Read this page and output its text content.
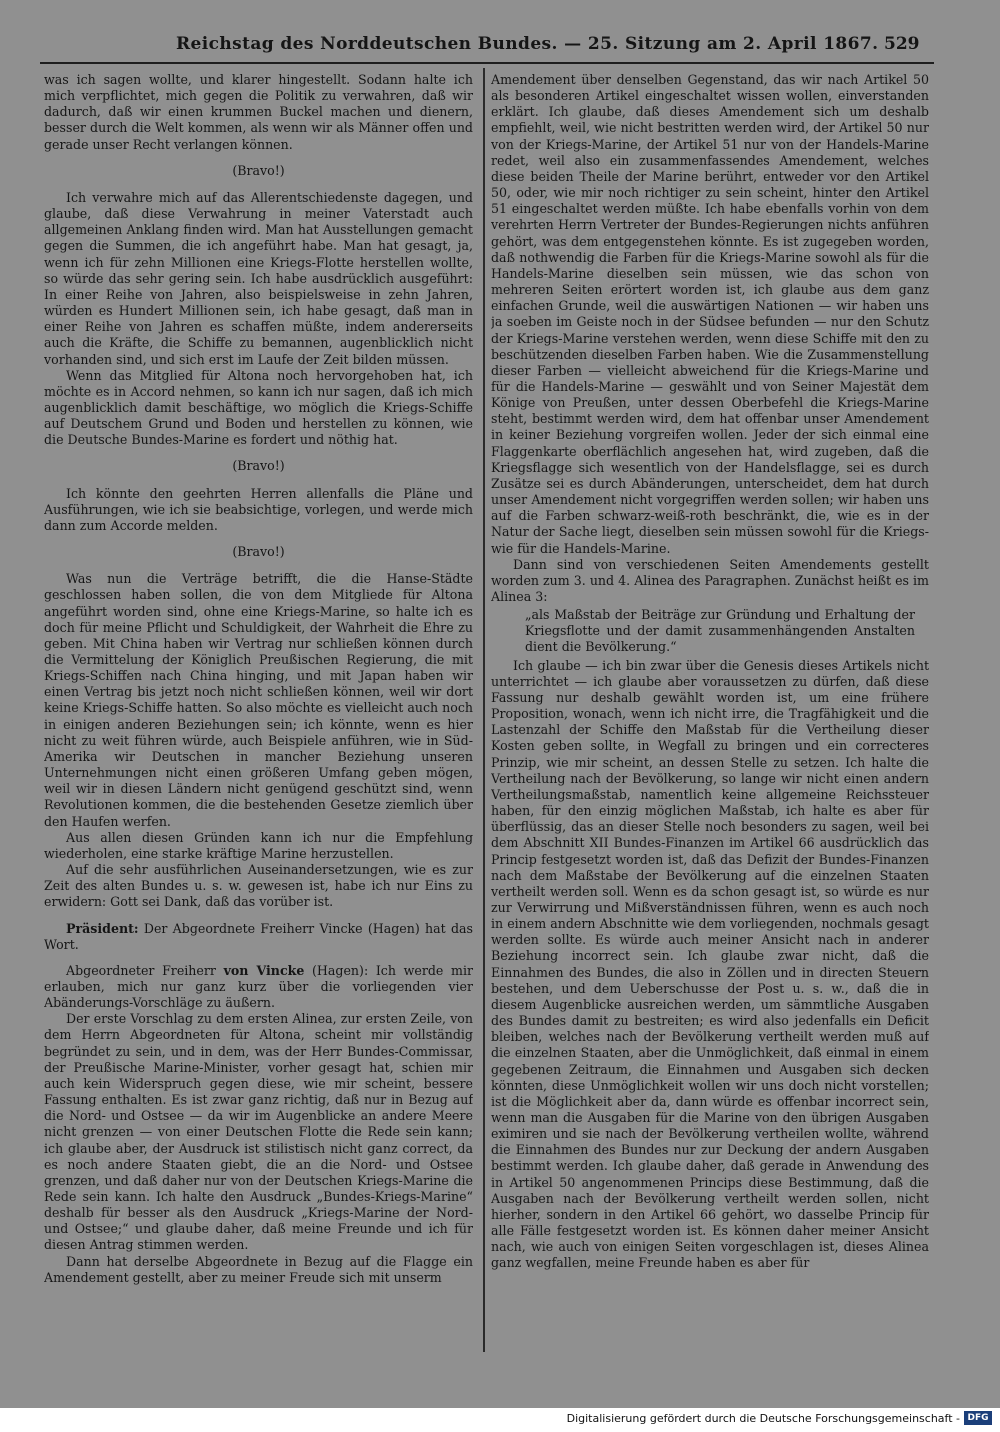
Reichstag des Norddeutschen Bundes. — 25. Sitzung am 2. April 1867. 529

was ich sagen wollte, und klarer hingestellt. Sodann halte ich mich verpflichtet, mich gegen die Politik zu verwahren, daß wir dadurch, daß wir einen krummen Buckel machen und dienern, besser durch die Welt kommen, als wenn wir als Männer offen und gerade unser Recht verlangen können.

(Bravo!)

Ich verwahre mich auf das Allerentschiedenste dagegen, und glaube, daß diese Verwahrung in meiner Vaterstadt auch allgemeinen Anklang finden wird. Man hat Ausstellungen gemacht gegen die Summen, die ich angeführt habe. Man hat gesagt, ja, wenn ich für zehn Millionen eine Kriegs-Flotte herstellen wollte, so würde das sehr gering sein. Ich habe ausdrücklich ausgeführt: In einer Reihe von Jahren, also beispielsweise in zehn Jahren, würden es Hundert Millionen sein, ich habe gesagt, daß man in einer Reihe von Jahren es schaffen müßte, indem andererseits auch die Kräfte, die Schiffe zu bemannen, augenblicklich nicht vorhanden sind, und sich erst im Laufe der Zeit bilden müssen.

Wenn das Mitglied für Altona noch hervorgehoben hat, ich möchte es in Accord nehmen, so kann ich nur sagen, daß ich mich augenblicklich damit beschäftige, wo möglich die Kriegs-Schiffe auf Deutschem Grund und Boden und herstellen zu können, wie die Deutsche Bundes-Marine es fordert und nöthig hat.

(Bravo!)

Ich könnte den geehrten Herren allenfalls die Pläne und Ausführungen, wie ich sie beabsichtige, vorlegen, und werde mich dann zum Accorde melden.

(Bravo!)

Was nun die Verträge betrifft, die die Hanse-Städte geschlossen haben sollen, die von dem Mitgliede für Altona angeführt worden sind, ohne eine Kriegs-Marine, so halte ich es doch für meine Pflicht und Schuldigkeit, der Wahrheit die Ehre zu geben. Mit China haben wir Vertrag nur schließen können durch die Vermittelung der Königlich Preußischen Regierung, die mit Kriegs-Schiffen nach China hinging, und mit Japan haben wir einen Vertrag bis jetzt noch nicht schließen können, weil wir dort keine Kriegs-Schiffe hatten. So also möchte es vielleicht auch noch in einigen anderen Beziehungen sein; ich könnte, wenn es hier nicht zu weit führen würde, auch Beispiele anführen, wie in Süd-Amerika wir Deutschen in mancher Beziehung unseren Unternehmungen nicht einen größeren Umfang geben mögen, weil wir in diesen Ländern nicht genügend geschützt sind, wenn Revolutionen kommen, die die bestehenden Gesetze ziemlich über den Haufen werfen.

Aus allen diesen Gründen kann ich nur die Empfehlung wiederholen, eine starke kräftige Marine herzustellen.

Auf die sehr ausführlichen Auseinandersetzungen, wie es zur Zeit des alten Bundes u. s. w. gewesen ist, habe ich nur Eins zu erwidern: Gott sei Dank, daß das vorüber ist.

Präsident: Der Abgeordnete Freiherr Vincke (Hagen) hat das Wort.

Abgeordneter Freiherr von Vincke (Hagen): Ich werde mir erlauben, mich nur ganz kurz über die vorliegenden vier Abänderungs-Vorschläge zu äußern.

Der erste Vorschlag zu dem ersten Alinea, zur ersten Zeile, von dem Herrn Abgeordneten für Altona, scheint mir vollständig begründet zu sein, und in dem, was der Herr Bundes-Commissar, der Preußische Marine-Minister, vorher gesagt hat, schien mir auch kein Widerspruch gegen diese, wie mir scheint, bessere Fassung enthalten. Es ist zwar ganz richtig, daß nur in Bezug auf die Nord- und Ostsee — da wir im Augenblicke an andere Meere nicht grenzen — von einer Deutschen Flotte die Rede sein kann; ich glaube aber, der Ausdruck ist stilistisch nicht ganz correct, da es noch andere Staaten giebt, die an die Nord- und Ostsee grenzen, und daß daher nur von der Deutschen Kriegs-Marine die Rede sein kann. Ich halte den Ausdruck „Bundes-Kriegs-Marine“ deshalb für besser als den Ausdruck „Kriegs-Marine der Nord- und Ostsee;“ und glaube daher, daß meine Freunde und ich für diesen Antrag stimmen werden.

Dann hat derselbe Abgeordnete in Bezug auf die Flagge ein Amendement gestellt, aber zu meiner Freude sich mit unserm

Amendement über denselben Gegenstand, das wir nach Artikel 50 als besonderen Artikel eingeschaltet wissen wollen, einverstanden erklärt. Ich glaube, daß dieses Amendement sich um deshalb empfiehlt, weil, wie nicht bestritten werden wird, der Artikel 50 nur von der Kriegs-Marine, der Artikel 51 nur von der Handels-Marine redet, weil also ein zusammenfassendes Amendement, welches diese beiden Theile der Marine berührt, entweder vor den Artikel 50, oder, wie mir noch richtiger zu sein scheint, hinter den Artikel 51 eingeschaltet werden müßte. Ich habe ebenfalls vorhin von dem verehrten Herrn Vertreter der Bundes-Regierungen nichts anführen gehört, was dem entgegenstehen könnte. Es ist zugegeben worden, daß nothwendig die Farben für die Kriegs-Marine sowohl als für die Handels-Marine dieselben sein müssen, wie das schon von mehreren Seiten erörtert worden ist, ich glaube aus dem ganz einfachen Grunde, weil die auswärtigen Nationen — wir haben uns ja soeben im Geiste noch in der Südsee befunden — nur den Schutz der Kriegs-Marine verstehen werden, wenn diese Schiffe mit den zu beschützenden dieselben Farben haben. Wie die Zusammenstellung dieser Farben — vielleicht abweichend für die Kriegs-Marine und für die Handels-Marine — geswählt und von Seiner Majestät dem Könige von Preußen, unter dessen Oberbefehl die Kriegs-Marine steht, bestimmt werden wird, dem hat offenbar unser Amendement in keiner Beziehung vorgreifen wollen. Jeder der sich einmal eine Flaggenkarte oberflächlich angesehen hat, wird zugeben, daß die Kriegsflagge sich wesentlich von der Handelsflagge, sei es durch Zusätze sei es durch Abänderungen, unterscheidet, dem hat durch unser Amendement nicht vorgegriffen werden sollen; wir haben uns auf die Farben schwarz-weiß-roth beschränkt, die, wie es in der Natur der Sache liegt, dieselben sein müssen sowohl für die Kriegs- wie für die Handels-Marine.

Dann sind von verschiedenen Seiten Amendements gestellt worden zum 3. und 4. Alinea des Paragraphen. Zunächst heißt es im Alinea 3:

„als Maßstab der Beiträge zur Gründung und Erhaltung der Kriegsflotte und der damit zusammenhängenden Anstalten dient die Bevölkerung.“

Ich glaube — ich bin zwar über die Genesis dieses Artikels nicht unterrichtet — ich glaube aber voraussetzen zu dürfen, daß diese Fassung nur deshalb gewählt worden ist, um eine frühere Proposition, wonach, wenn ich nicht irre, die Tragfähigkeit und die Lastenzahl der Schiffe den Maßstab für die Vertheilung dieser Kosten geben sollte, in Wegfall zu bringen und ein correcteres Prinzip, wie mir scheint, an dessen Stelle zu setzen. Ich halte die Vertheilung nach der Bevölkerung, so lange wir nicht einen andern Vertheilungsmaßstab, namentlich keine allgemeine Reichssteuer haben, für den einzig möglichen Maßstab, ich halte es aber für überflüssig, das an dieser Stelle noch besonders zu sagen, weil bei dem Abschnitt XII Bundes-Finanzen im Artikel 66 ausdrücklich das Princip festgesetzt worden ist, daß das Defizit der Bundes-Finanzen nach dem Maßstabe der Bevölkerung auf die einzelnen Staaten vertheilt werden soll. Wenn es da schon gesagt ist, so würde es nur zur Verwirrung und Mißverständnissen führen, wenn es auch noch in einem andern Abschnitte wie dem vorliegenden, nochmals gesagt werden sollte. Es würde auch meiner Ansicht nach in anderer Beziehung incorrect sein. Ich glaube zwar nicht, daß die Einnahmen des Bundes, die also in Zöllen und in directen Steuern bestehen, und dem Ueberschusse der Post u. s. w., daß die in diesem Augenblicke ausreichen werden, um sämmtliche Ausgaben des Bundes damit zu bestreiten; es wird also jedenfalls ein Deficit bleiben, welches nach der Bevölkerung vertheilt werden muß auf die einzelnen Staaten, aber die Unmöglichkeit, daß einmal in einem gegebenen Zeitraum, die Einnahmen und Ausgaben sich decken könnten, diese Unmöglichkeit wollen wir uns doch nicht vorstellen; ist die Möglichkeit aber da, dann würde es offenbar incorrect sein, wenn man die Ausgaben für die Marine von den übrigen Ausgaben eximiren und sie nach der Bevölkerung vertheilen wollte, während die Einnahmen des Bundes nur zur Deckung der andern Ausgaben bestimmt werden. Ich glaube daher, daß gerade in Anwendung des in Artikel 50 angenommenen Princips diese Bestimmung, daß die Ausgaben nach der Bevölkerung vertheilt werden sollen, nicht hierher, sondern in den Artikel 66 gehört, wo dasselbe Princip für alle Fälle festgesetzt worden ist. Es können daher meiner Ansicht nach, wie auch von einigen Seiten vorgeschlagen ist, dieses Alinea ganz wegfallen, meine Freunde haben es aber für

Digitalisierung gefördert durch die Deutsche Forschungsgemeinschaft - DFG
